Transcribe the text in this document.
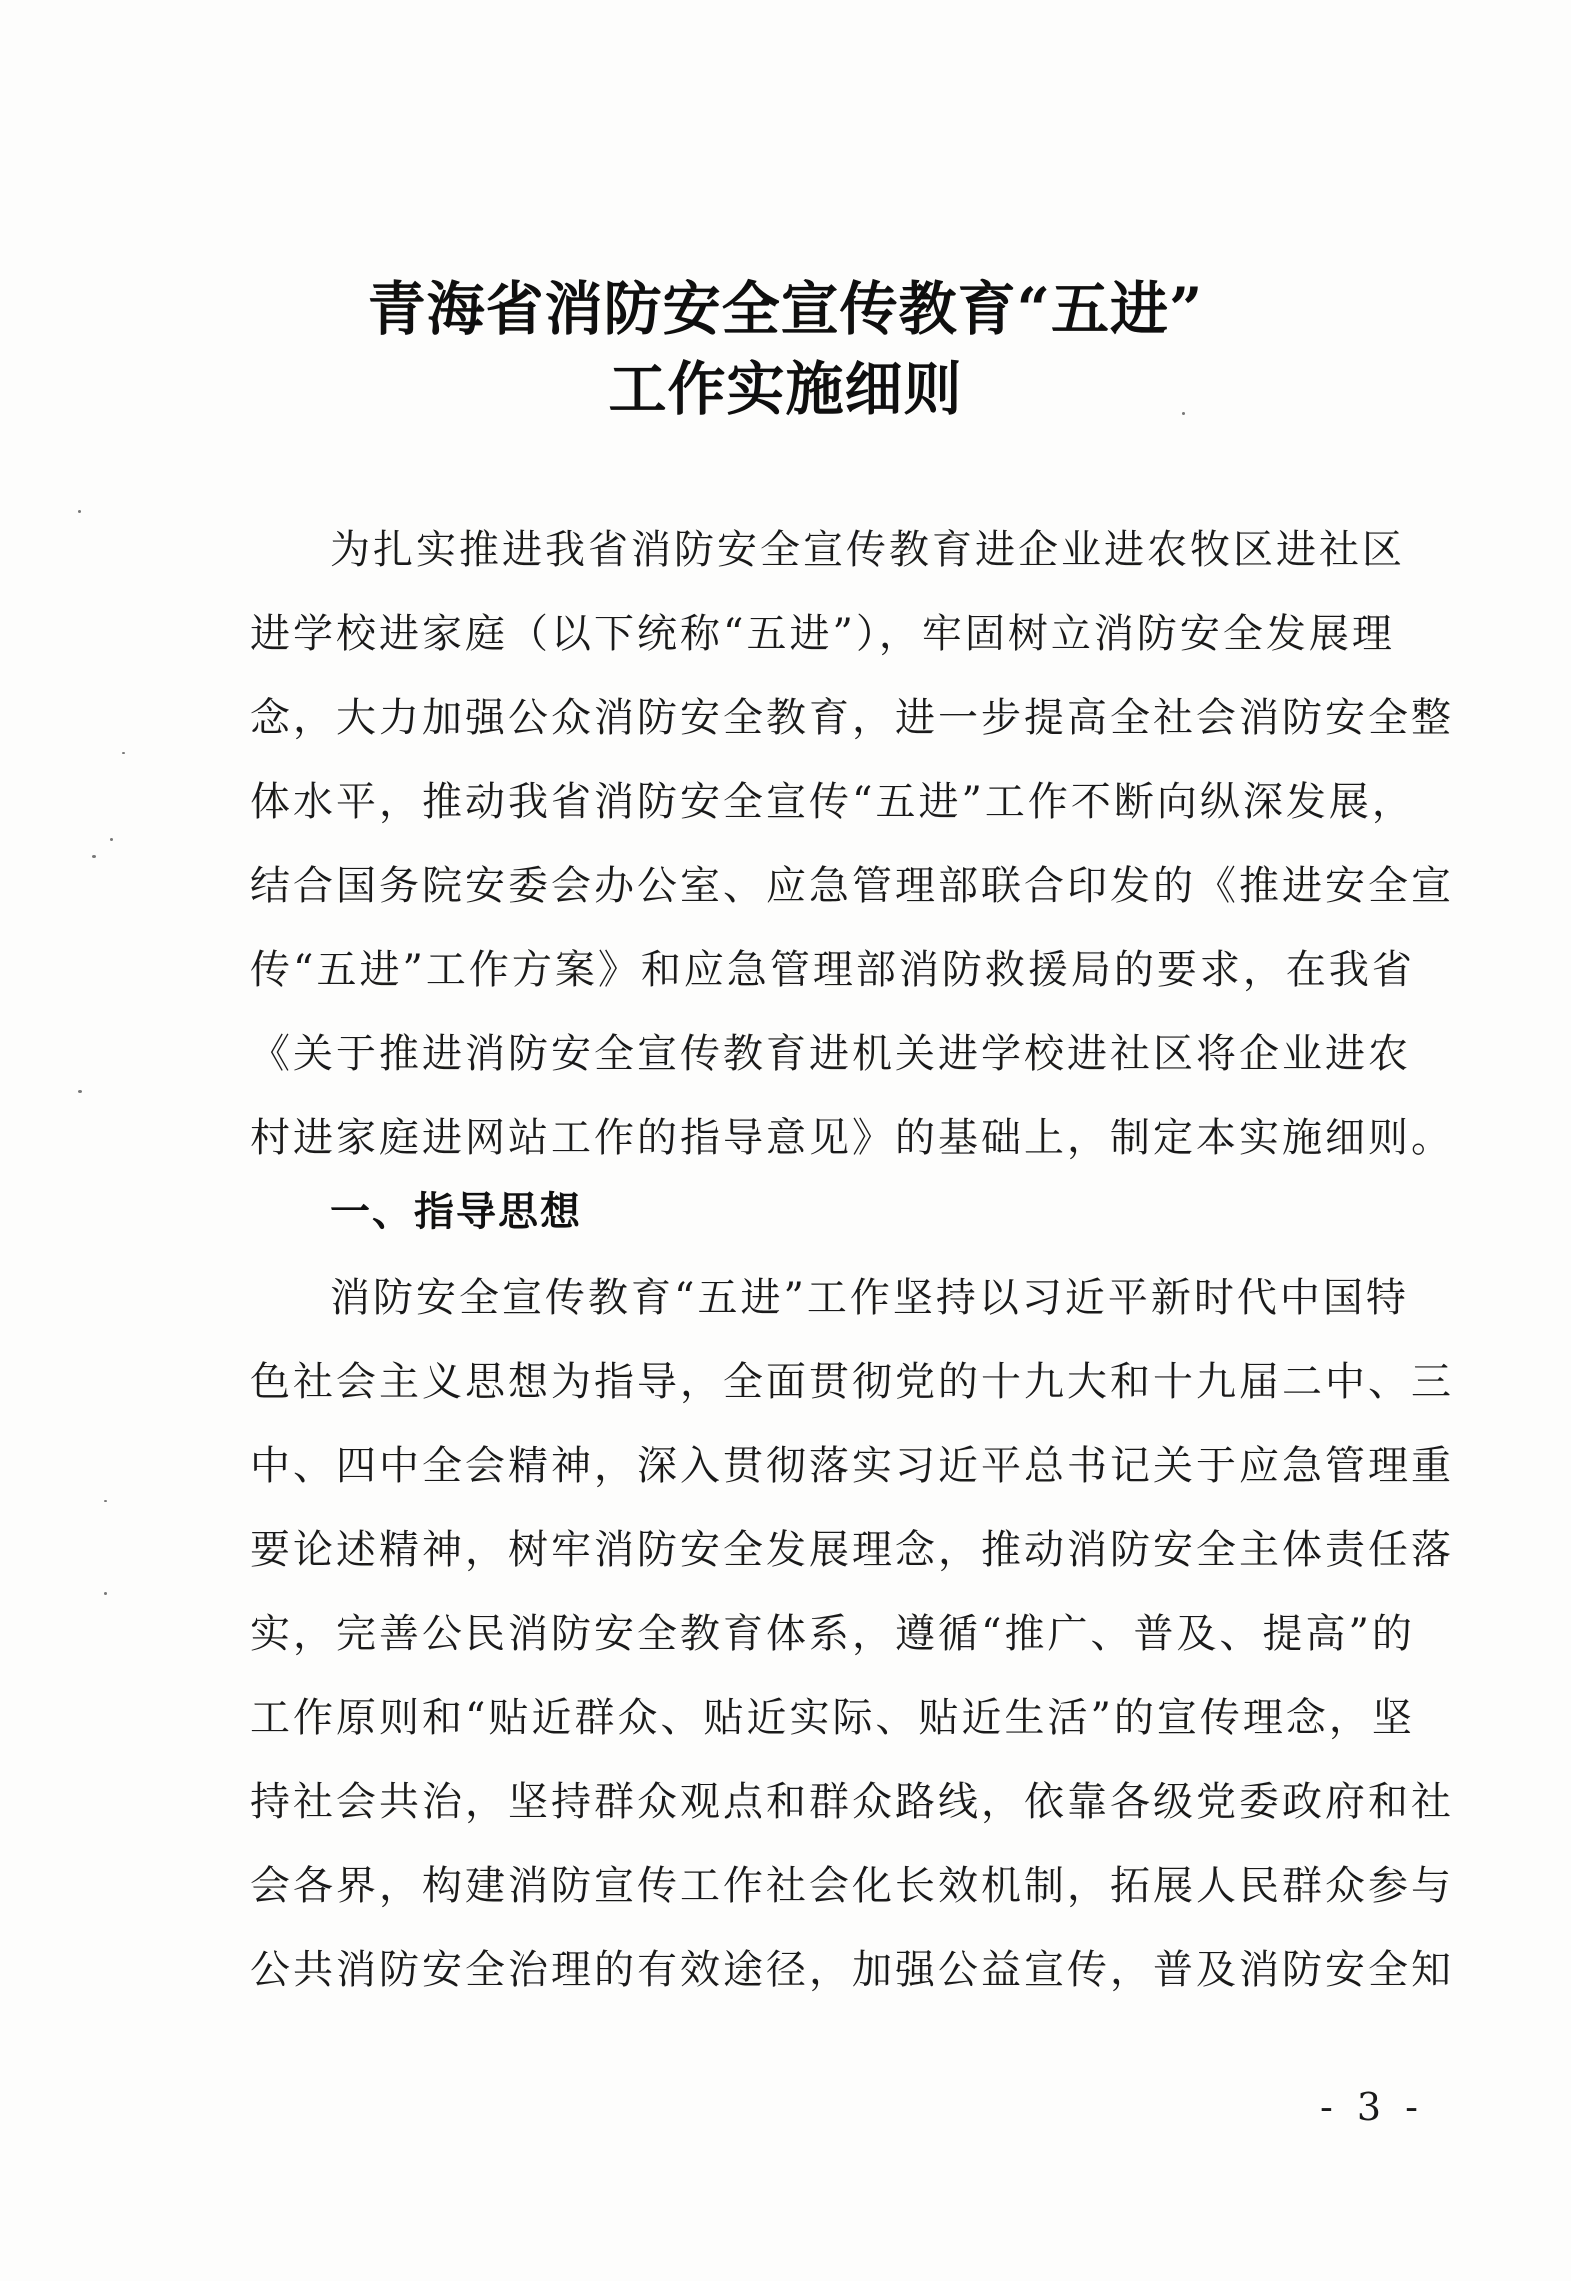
青海省消防安全宣传教育“五进”
工作实施细则
为扎实推进我省消防安全宣传教育进企业进农牧区进社区
进学校进家庭（以下统称“五进”），牢固树立消防安全发展理
念，大力加强公众消防安全教育，进一步提高全社会消防安全整
体水平，推动我省消防安全宣传“五进”工作不断向纵深发展，
结合国务院安委会办公室、应急管理部联合印发的《推进安全宣
传“五进”工作方案》和应急管理部消防救援局的要求，在我省
《关于推进消防安全宣传教育进机关进学校进社区将企业进农
村进家庭进网站工作的指导意见》的基础上，制定本实施细则。
一、指导思想
消防安全宣传教育“五进”工作坚持以习近平新时代中国特
色社会主义思想为指导，全面贯彻党的十九大和十九届二中、三
中、四中全会精神，深入贯彻落实习近平总书记关于应急管理重
要论述精神，树牢消防安全发展理念，推动消防安全主体责任落
实，完善公民消防安全教育体系，遵循“推广、普及、提高”的
工作原则和“贴近群众、贴近实际、贴近生活”的宣传理念，坚
持社会共治，坚持群众观点和群众路线，依靠各级党委政府和社
会各界，构建消防宣传工作社会化长效机制，拓展人民群众参与
公共消防安全治理的有效途径，加强公益宣传，普及消防安全知
- 3 -
